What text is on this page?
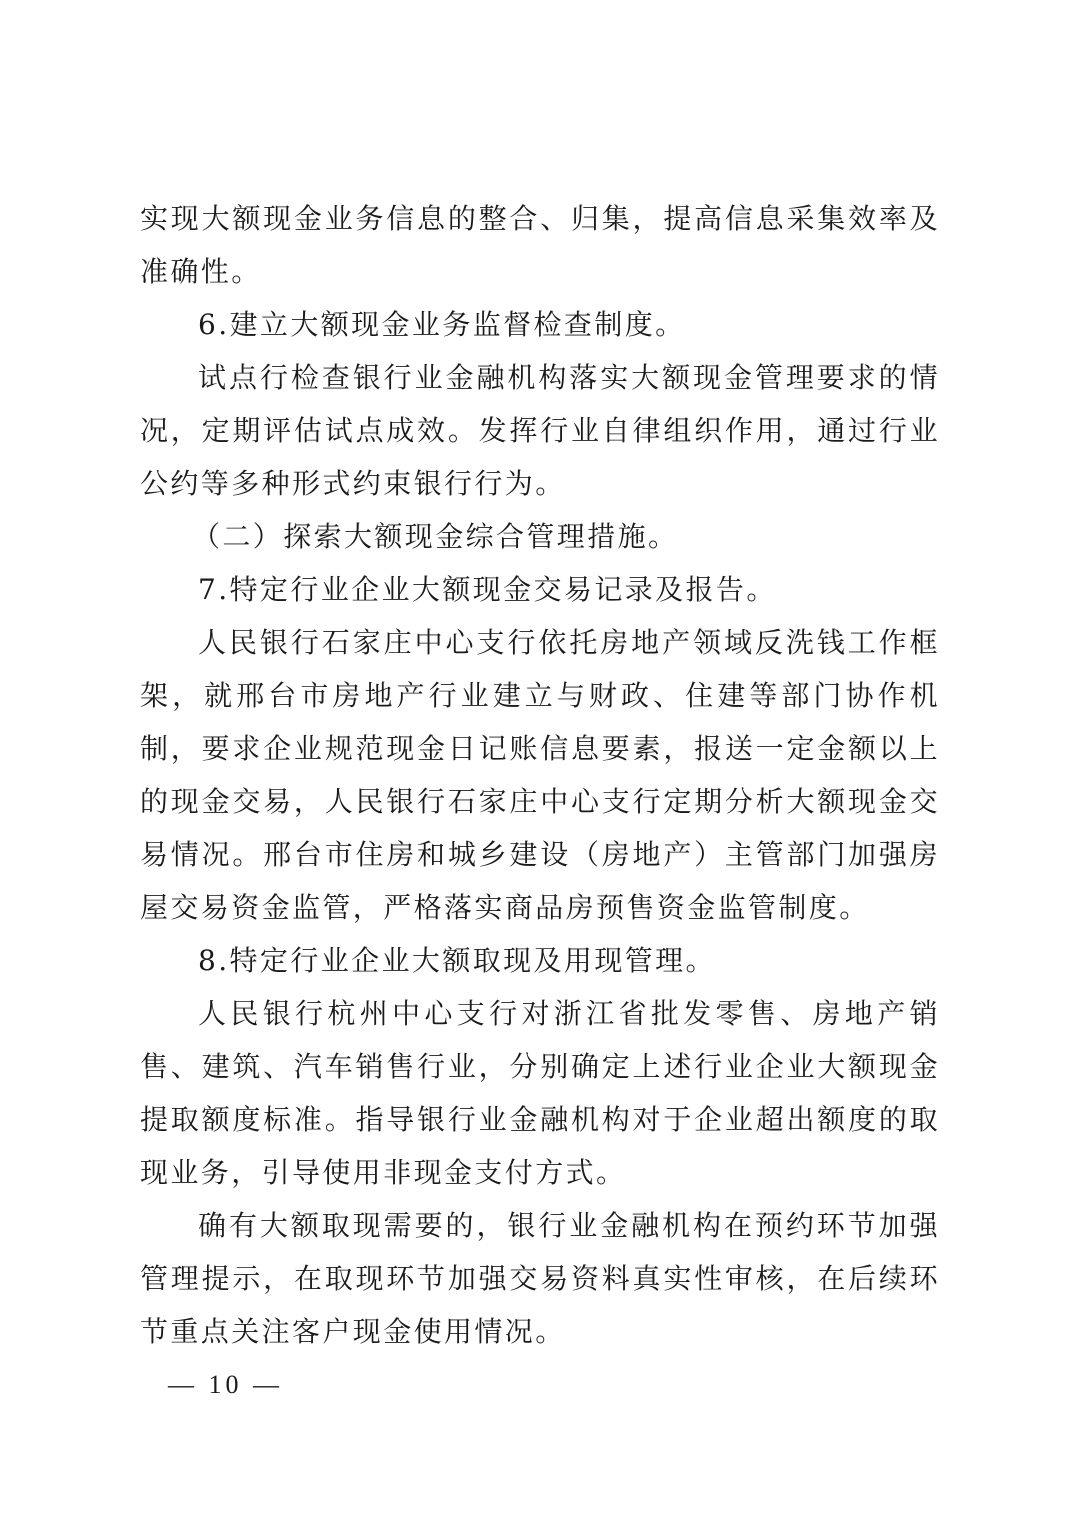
实现大额现金业务信息的整合、归集，提高信息采集效率及准确性。

6.建立大额现金业务监督检查制度。

试点行检查银行业金融机构落实大额现金管理要求的情况，定期评估试点成效。发挥行业自律组织作用，通过行业公约等多种形式约束银行行为。

（二）探索大额现金综合管理措施。

7.特定行业企业大额现金交易记录及报告。

人民银行石家庄中心支行依托房地产领域反洗钱工作框架，就邢台市房地产行业建立与财政、住建等部门协作机制，要求企业规范现金日记账信息要素，报送一定金额以上的现金交易，人民银行石家庄中心支行定期分析大额现金交易情况。邢台市住房和城乡建设（房地产）主管部门加强房屋交易资金监管，严格落实商品房预售资金监管制度。

8.特定行业企业大额取现及用现管理。

人民银行杭州中心支行对浙江省批发零售、房地产销售、建筑、汽车销售行业，分别确定上述行业企业大额现金提取额度标准。指导银行业金融机构对于企业超出额度的取现业务，引导使用非现金支付方式。

确有大额取现需要的，银行业金融机构在预约环节加强管理提示，在取现环节加强交易资料真实性审核，在后续环节重点关注客户现金使用情况。

— 10 —
